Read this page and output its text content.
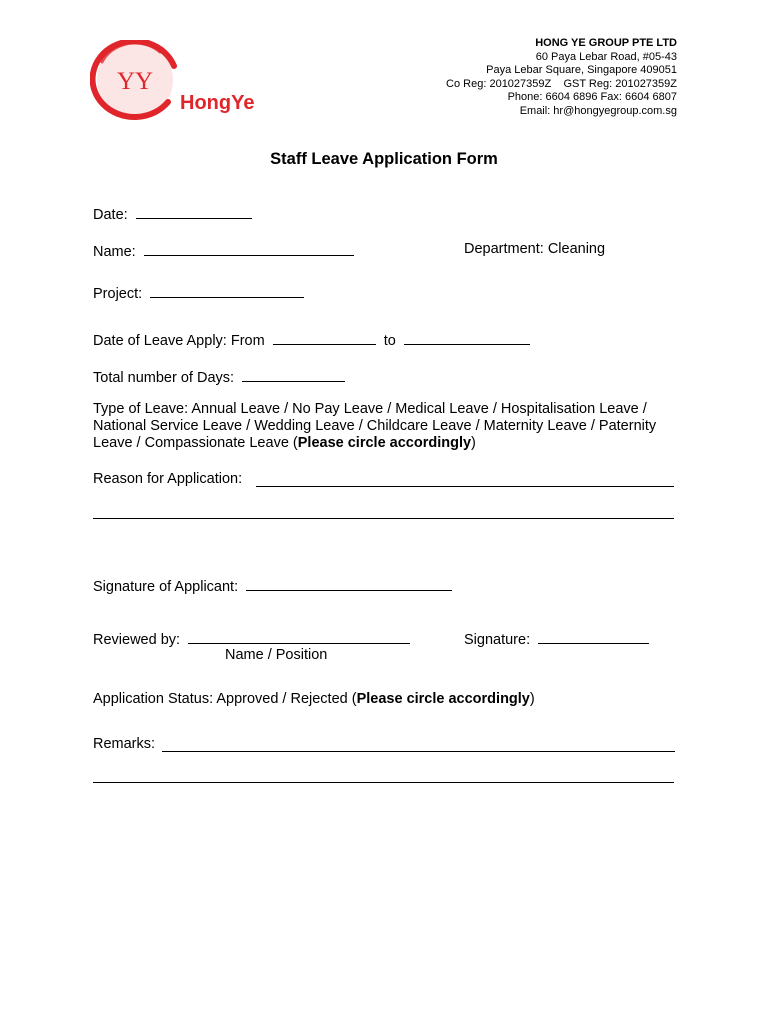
YY
HongYe
HONG YE GROUP PTE LTD
60 Paya Lebar Road, #05-43
Paya Lebar Square, Singapore 409051
Co Reg: 201027359Z    GST Reg: 201027359Z
Phone: 6604 6896 Fax: 6604 6807
Email: hr@hongyegroup.com.sg
Staff Leave Application Form
Date:
Name:	Department: Cleaning
Project:
Date of Leave Apply: From	to
Total number of Days:
Type of Leave: Annual Leave / No Pay Leave / Medical Leave / Hospitalisation Leave / National Service Leave / Wedding Leave / Childcare Leave / Maternity Leave / Paternity Leave / Compassionate Leave (Please circle accordingly)
Reason for Application:
Signature of Applicant:
Reviewed by:	Signature:
Name / Position
Application Status: Approved / Rejected (Please circle accordingly)
Remarks:
